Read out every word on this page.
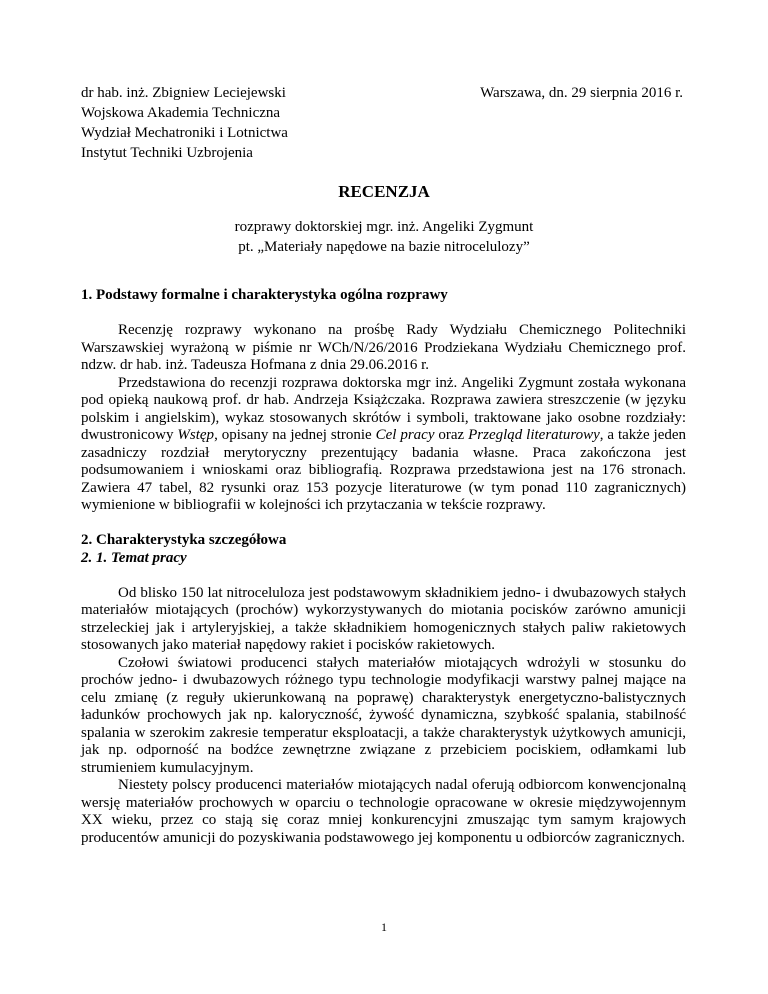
dr hab. inż. Zbigniew Leciejewski
Wojskowa Akademia Techniczna
Wydział Mechatroniki i Lotnictwa
Instytut Techniki Uzbrojenia
Warszawa, dn. 29 sierpnia 2016 r.
RECENZJA
rozprawy doktorskiej mgr. inż. Angeliki Zygmunt
pt. „Materiały napędowe na bazie nitrocelulozy”

1. Podstawy formalne i charakterystyka ogólna rozprawy

Recenzję rozprawy wykonano na prośbę Rady Wydziału Chemicznego Politechniki Warszawskiej wyrażoną w piśmie nr WCh/N/26/2016 Prodziekana Wydziału Chemicznego prof. ndzw. dr hab. inż. Tadeusza Hofmana z dnia 29.06.2016 r.

Przedstawiona do recenzji rozprawa doktorska mgr inż. Angeliki Zygmunt została wykonana pod opieką naukową prof. dr hab. Andrzeja Książczaka. Rozprawa zawiera streszczenie (w języku polskim i angielskim), wykaz stosowanych skrótów i symboli, traktowane jako osobne rozdziały: dwustronicowy Wstęp, opisany na jednej stronie Cel pracy oraz Przegląd literaturowy, a także jeden zasadniczy rozdział merytoryczny prezentujący badania własne. Praca zakończona jest podsumowaniem i wnioskami oraz bibliografią. Rozprawa przedstawiona jest na 176 stronach. Zawiera 47 tabel, 82 rysunki oraz 153 pozycje literaturowe (w tym ponad 110 zagranicznych) wymienione w bibliografii w kolejności ich przytaczania w tekście rozprawy.

2. Charakterystyka szczegółowa

2. 1. Temat pracy

Od blisko 150 lat nitroceluloza jest podstawowym składnikiem jedno- i dwubazowych stałych materiałów miotających (prochów) wykorzystywanych do miotania pocisków zarówno amunicji strzeleckiej jak i artyleryjskiej, a także składnikiem homogenicznych stałych paliw rakietowych stosowanych jako materiał napędowy rakiet i pocisków rakietowych.

Czołowi światowi producenci stałych materiałów miotających wdrożyli w stosunku do prochów jedno- i dwubazowych różnego typu technologie modyfikacji warstwy palnej mające na celu zmianę (z reguły ukierunkowaną na poprawę) charakterystyk energetyczno-balistycznych ładunków prochowych jak np. kaloryczność, żywość dynamiczna, szybkość spalania, stabilność spalania w szerokim zakresie temperatur eksploatacji, a także charakterystyk użytkowych amunicji, jak np. odporność na bodźce zewnętrzne związane z przebiciem pociskiem, odłamkami lub strumieniem kumulacyjnym.

Niestety polscy producenci materiałów miotających nadal oferują odbiorcom konwencjonalną wersję materiałów prochowych w oparciu o technologie opracowane w okresie międzywojennym XX wieku, przez co stają się coraz mniej konkurencyjni zmuszając tym samym krajowych producentów amunicji do pozyskiwania podstawowego jej komponentu u odbiorców zagranicznych.

1
